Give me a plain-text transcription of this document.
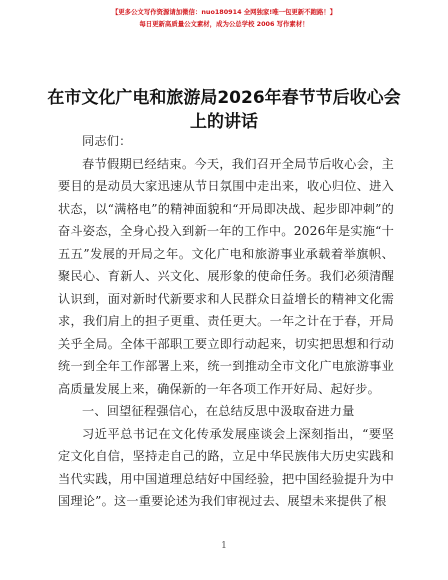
【更多公文写作资源请加微信：nuo180914 全网独家!唯一包更新不跑路！】
每日更新高质量公文素材，成为公总学校 2006 写作素材！
在市文化广电和旅游局2026年春节节后收心会
上的讲话

同志们：

春节假期已经结束。今天，我们召开全局节后收心会，主要目的是动员大家迅速从节日氛围中走出来，收心归位、进入状态，以“满格电”的精神面貌和“开局即决战、起步即冲刺”的奋斗姿态，全身心投入到新一年的工作中。2026年是实施“十五五”发展的开局之年。文化广电和旅游事业承载着举旗帜、聚民心、育新人、兴文化、展形象的使命任务。我们必须清醒认识到，面对新时代新要求和人民群众日益增长的精神文化需求，我们肩上的担子更重、责任更大。一年之计在于春，开局关乎全局。全体干部职工要立即行动起来，切实把思想和行动统一到全年工作部署上来，统一到推动全市文化广电旅游事业高质量发展上来，确保新的一年各项工作开好局、起好步。

一、回望征程强信心，在总结反思中汲取奋进力量

习近平总书记在文化传承发展座谈会上深刻指出，“要坚定文化自信，坚持走自己的路，立足中华民族伟大历史实践和当代实践，用中国道理总结好中国经验，把中国经验提升为中国理论”。这一重要论述为我们审视过去、展望未来提供了根

1
